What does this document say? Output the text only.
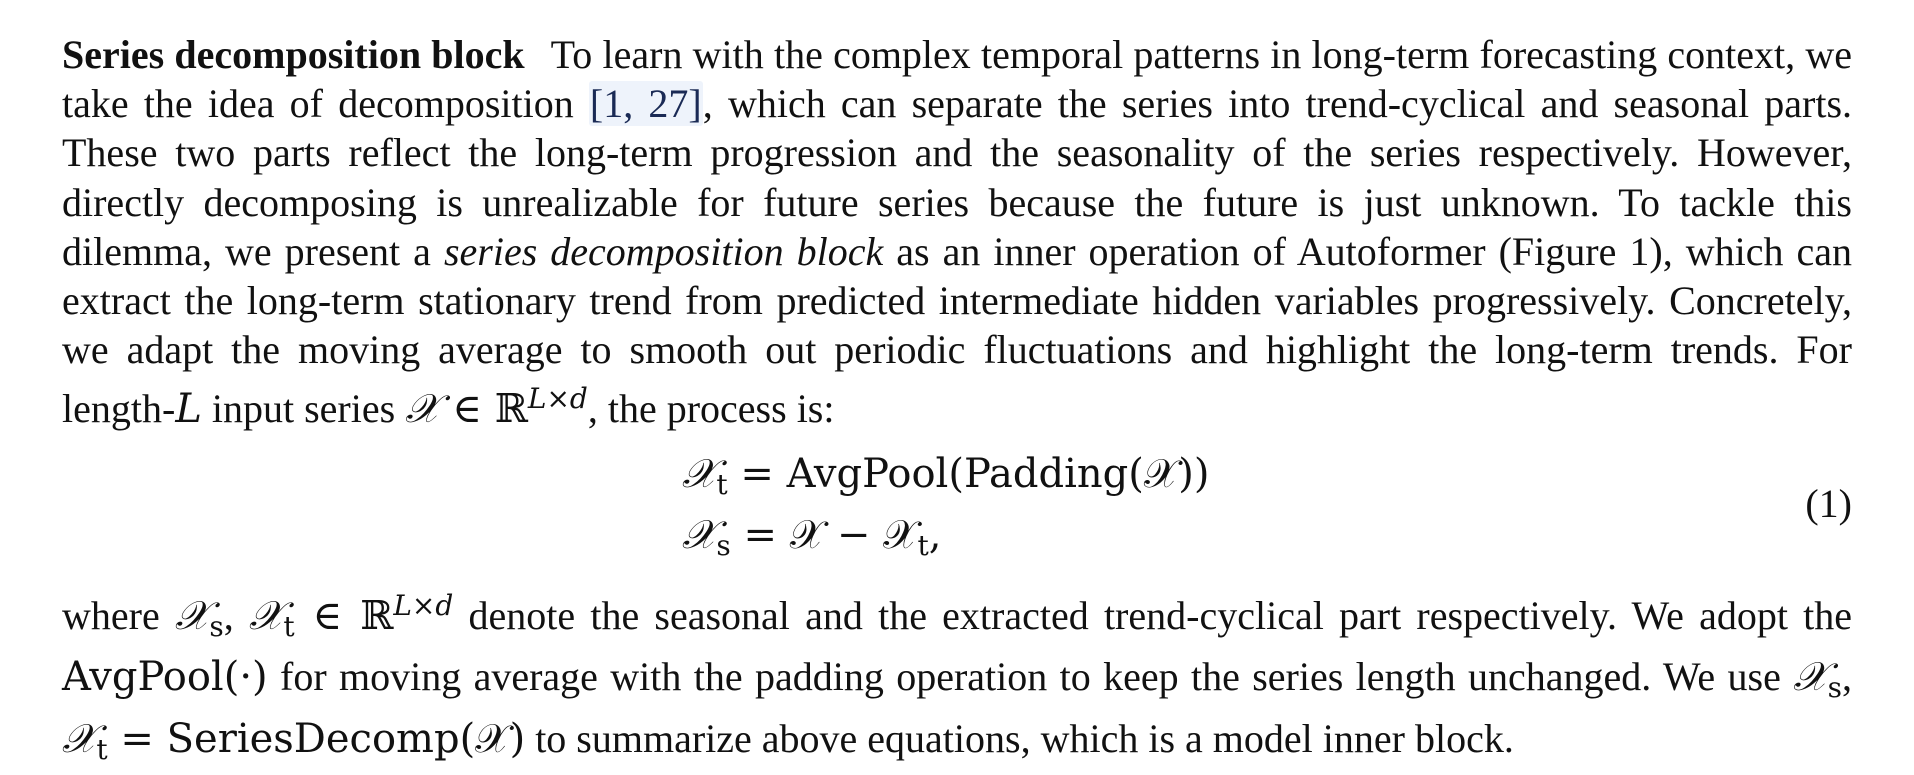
Series decomposition block To learn with the complex temporal patterns in long-term forecasting context, we take the idea of decomposition [1, 27], which can separate the series into trend-cyclical and seasonal parts. These two parts reflect the long-term progression and the seasonality of the series respectively. However, directly decomposing is unrealizable for future series because the future is just unknown. To tackle this dilemma, we present a series decomposition block as an inner operation of Autoformer (Figure 1), which can extract the long-term stationary trend from predicted intermediate hidden variables progressively. Concretely, we adapt the moving average to smooth out periodic fluctuations and highlight the long-term trends. For length-L input series 𝒳 ∈ ℝ$^{L\times d}$, the process is:

𝒳$_t$ = AvgPool(Padding(𝒳))
𝒳$_s$ = 𝒳 − 𝒳$_t$,
(1)

where 𝒳$_s$, 𝒳$_t$ ∈ ℝ$^{L\times d}$ denote the seasonal and the extracted trend-cyclical part respectively. We adopt the AvgPool(·) for moving average with the padding operation to keep the series length unchanged. We use 𝒳$_s$, 𝒳$_t$ = SeriesDecomp(𝒳) to summarize above equations, which is a model inner block.
